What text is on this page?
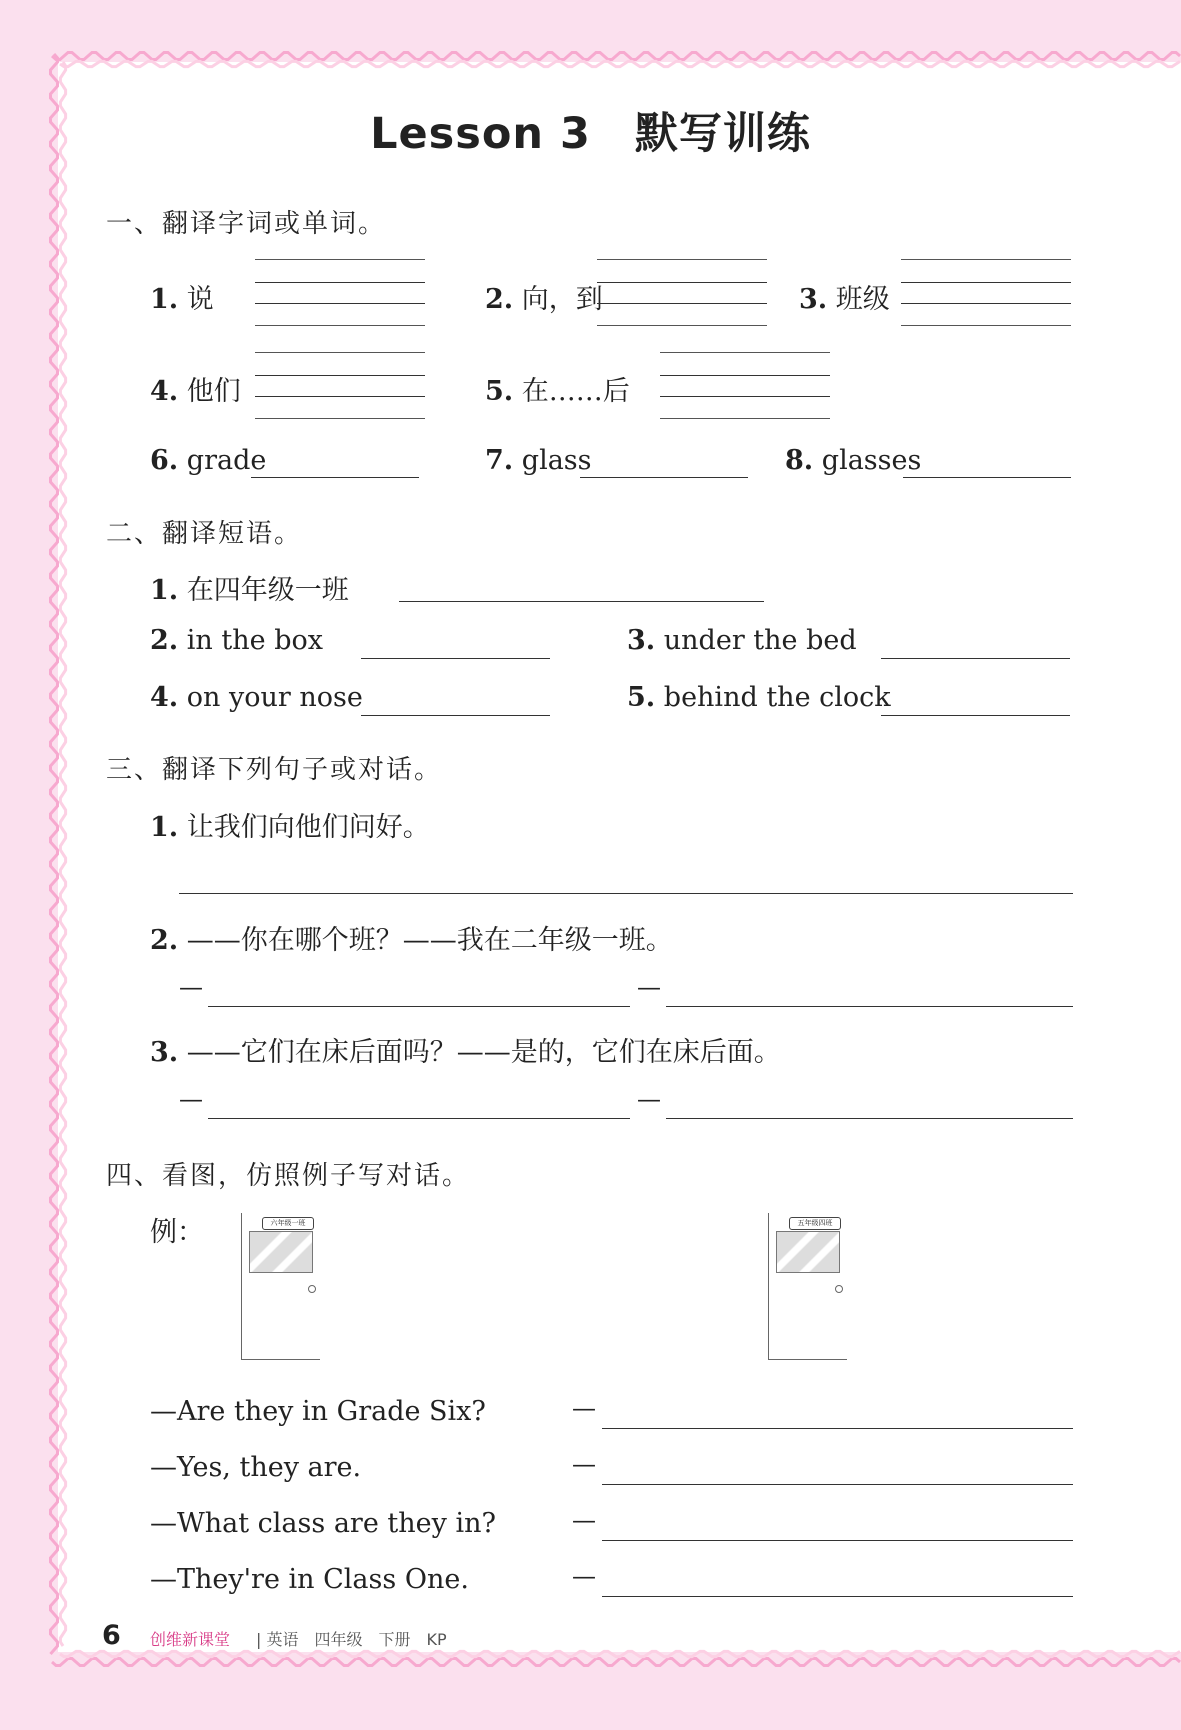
Lesson 3　默写训练
一、翻译字词或单词。
1. 说	2. 向，到	3. 班级
4. 他们	5. 在……后
6. grade	7. glass	8. glasses
二、翻译短语。
1. 在四年级一班
2. in the box	3. under the bed
4. on your nose	5. behind the clock
三、翻译下列句子或对话。
1. 让我们向他们问好。
2. ——你在哪个班？——我在二年级一班。
—	—
3. ——它们在床后面吗？——是的，它们在床后面。
—	—
四、看图，仿照例子写对话。
例：	六年级一班	五年级四班
—Are they in Grade Six?
—Yes, they are.
—What class are they in?
—They're in Class One.
—
—
—
—
6 创维新课堂 | 英语　四年级　下册　KP
